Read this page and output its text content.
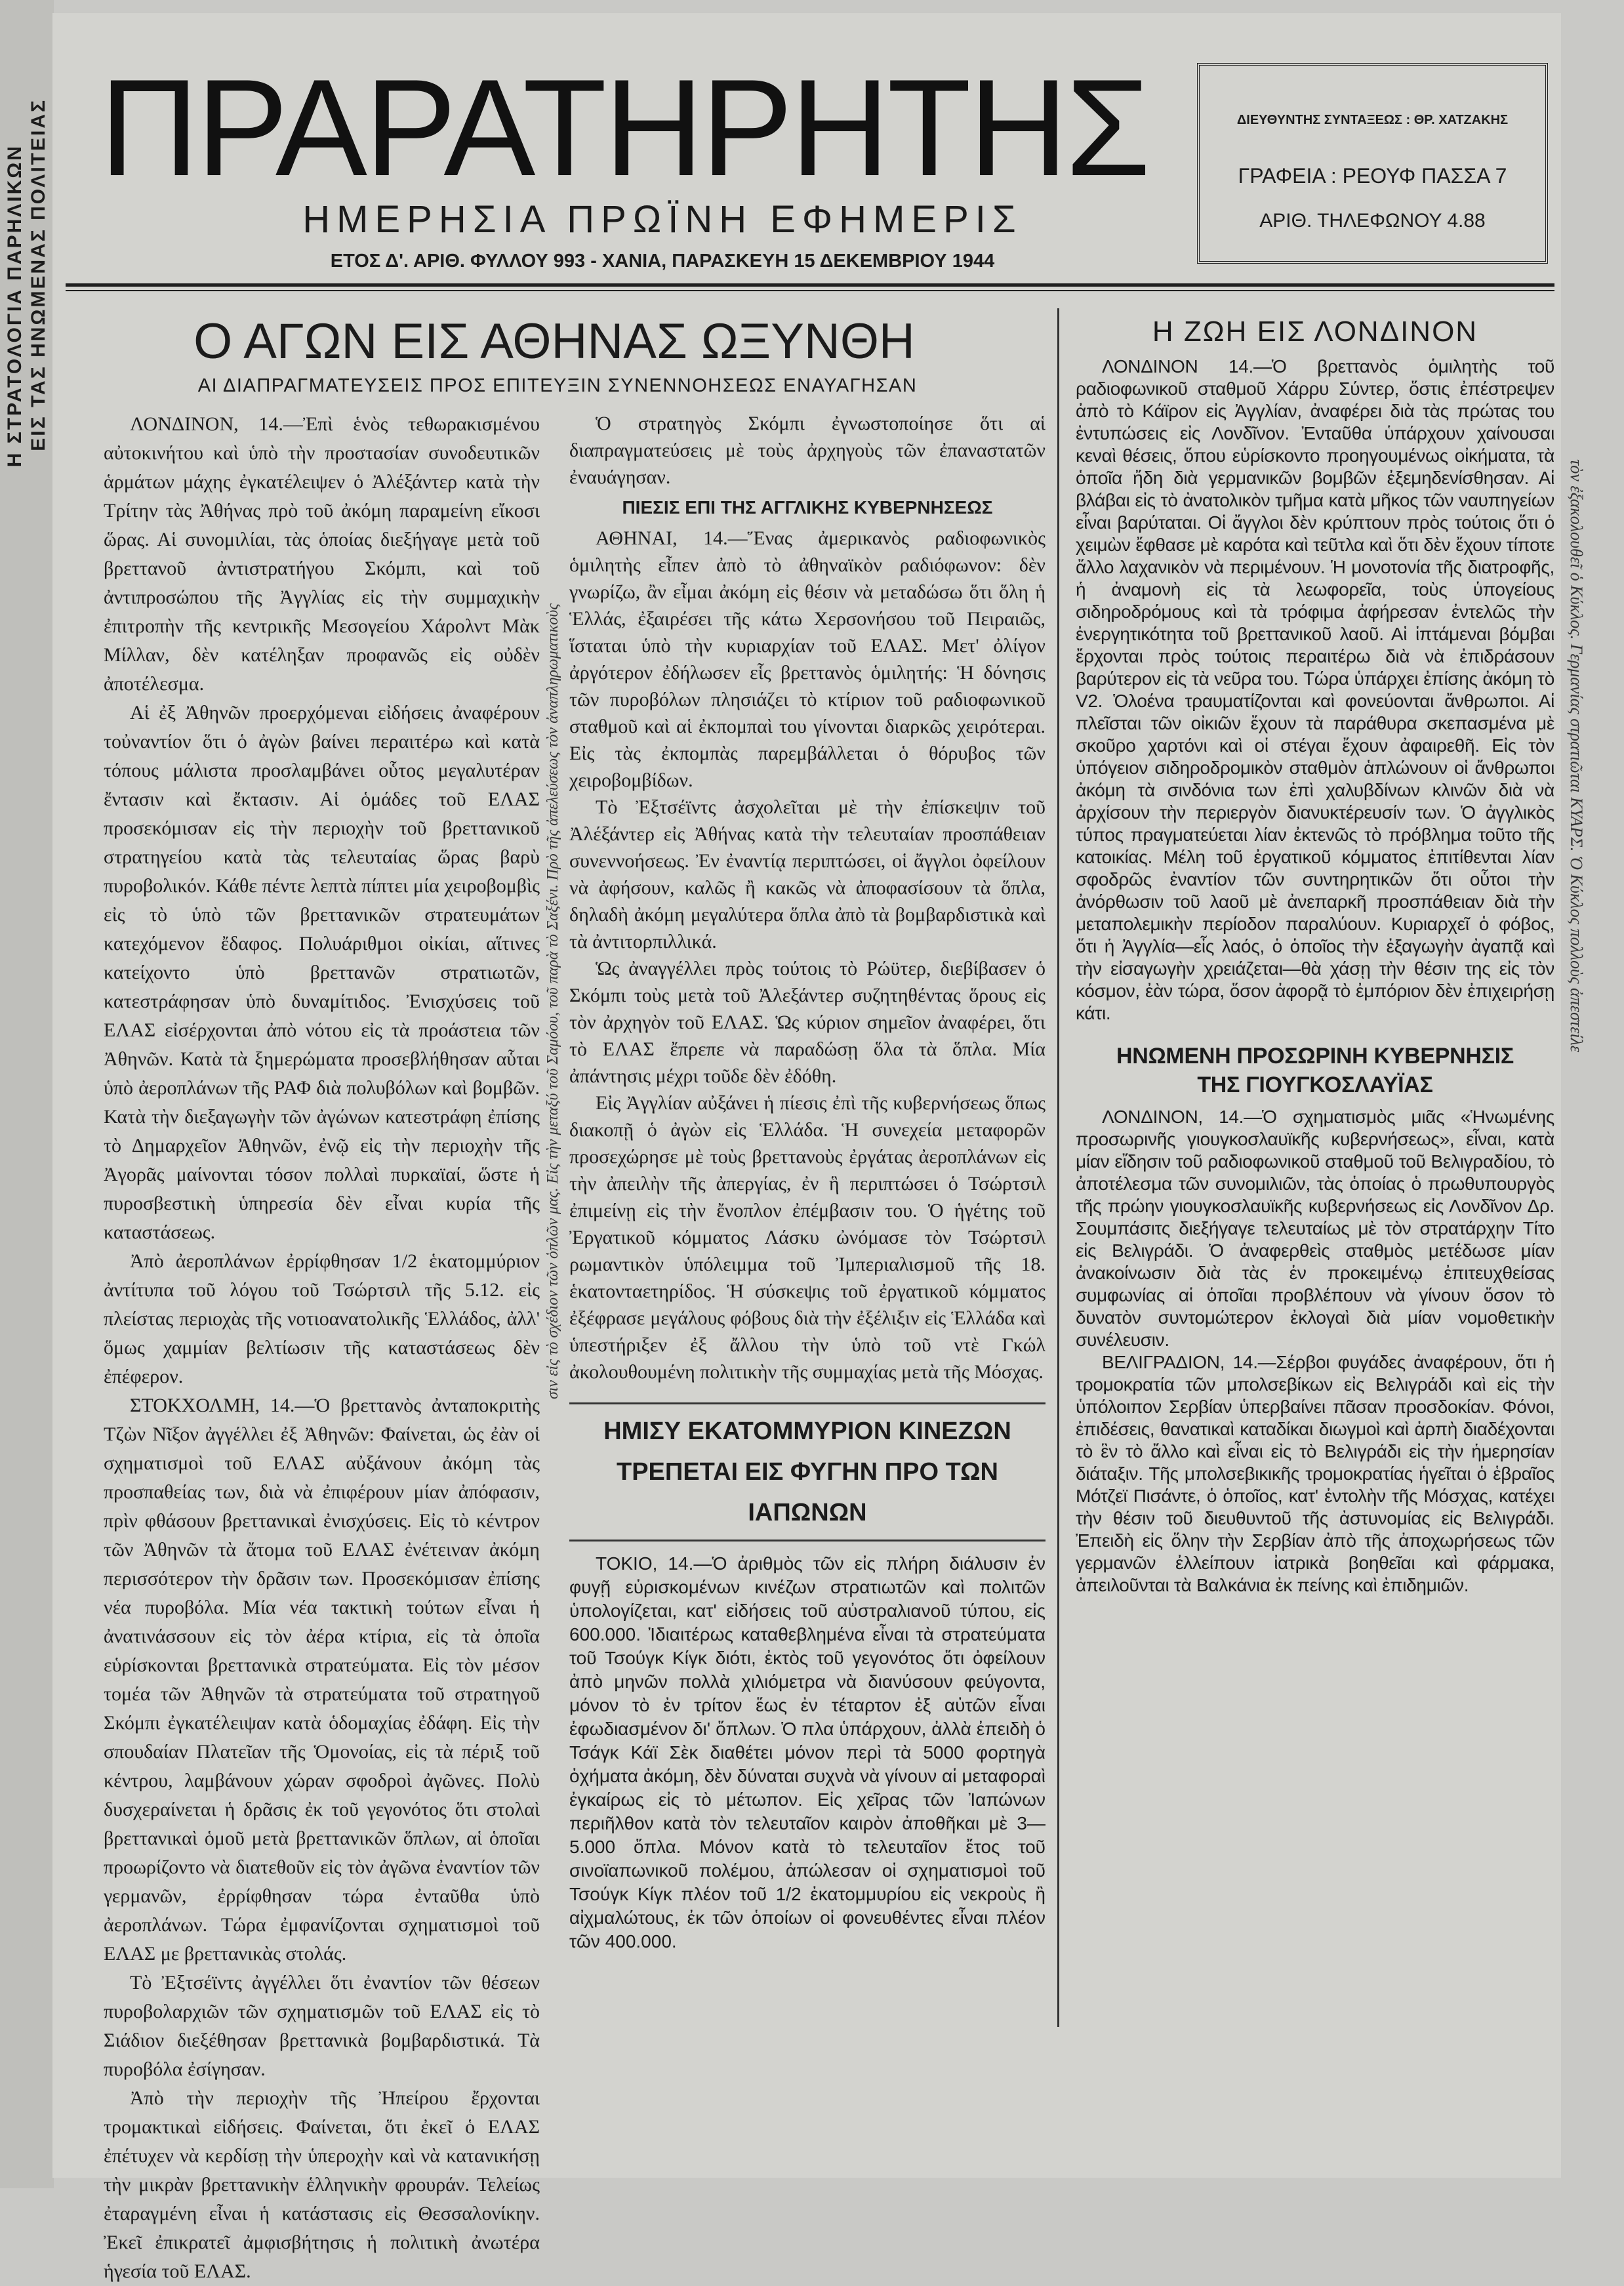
Η ΣΤΡΑΤΟΛΟΓΙΑ ΠΑΡΗΛΙΚΩΝ ΕΙΣ ΤΑΣ ΗΝΩΜΕΝΑΣ ΠΟΛΙΤΕΙΑΣ
τὸν ἐξακολουθεῖ ὁ Κύκλος. Γερμανίας στρατιῶται ΚΥΑΡΣ. Ὁ Κύκλος πολλοὺς ἀπεστείλε
σιν εἰς τὸ σχέδιον τῶν ὁπλῶν μας. Εἰς τὴν μεταξύ τοῦ Σαμόου, τοῦ παρὰ τὸ Σαξένι. Πρὸ τῆς ἀπελεύσεως τὸν ἀναπληρωματικοὺς
ΠΡΑΡΑΤΗΡΗΤΗΣ
ΗΜΕΡΗΣΙΑ ΠΡΩΪΝΗ ΕΦΗΜΕΡΙΣ
ΕΤΟΣ Δ'. ΑΡΙΘ. ΦΥΛΛΟΥ 993 - ΧΑΝΙΑ, ΠΑΡΑΣΚΕΥΗ 15 ΔΕΚΕΜΒΡΙΟΥ 1944
ΔΙΕΥΘΥΝΤΗΣ ΣΥΝΤΑΞΕΩΣ : ΘΡ. ΧΑΤΖΑΚΗΣ
ΓΡΑΦΕΙΑ : ΡΕΟΥΦ ΠΑΣΣΑ 7
ΑΡΙΘ. ΤΗΛΕΦΩΝΟΥ 4.88
Ο ΑΓΩΝ ΕΙΣ ΑΘΗΝΑΣ ΩΞΥΝΘΗ
ΑΙ ΔΙΑΠΡΑΓΜΑΤΕΥΣΕΙΣ ΠΡΟΣ ΕΠΙΤΕΥΞΙΝ ΣΥΝΕΝΝΟΗΣΕΩΣ ΕΝΑΥΑΓΗΣΑΝ

ΛΟΝΔΙΝΟΝ, 14.—Ἐπὶ ἑνὸς τεθωρακισμένου αὐτοκινήτου καὶ ὑπὸ τὴν προστασίαν συνοδευτικῶν ἁρμάτων μάχης ἐγκατέλειψεν ὁ Ἀλέξάντερ κατὰ τὴν Τρίτην τὰς Ἀθήνας πρὸ τοῦ ἀκόμη παραμείνη εἴκοσι ὥρας. Αἱ συνομιλίαι, τὰς ὁποίας διεξήγαγε μετὰ τοῦ βρεττανοῦ ἀντιστρατήγου Σκόμπι, καὶ τοῦ ἀντιπροσώπου τῆς Ἀγγλίας εἰς τὴν συμμαχικὴν ἐπιτροπὴν τῆς κεντρικῆς Μεσογείου Χάρολντ Μὰκ Μίλλαν, δὲν κατέληξαν προφανῶς εἰς οὐδὲν ἀποτέλεσμα.

Αἱ ἐξ Ἀθηνῶν προερχόμεναι εἰδήσεις ἀναφέρουν τοὐναντίον ὅτι ὁ ἀγὼν βαίνει περαιτέρω καὶ κατὰ τόπους μάλιστα προσλαμβάνει οὗτος μεγαλυτέραν ἔντασιν καὶ ἔκτασιν. Αἱ ὁμάδες τοῦ ΕΛΑΣ προσεκόμισαν εἰς τὴν περιοχὴν τοῦ βρεττανικοῦ στρατηγείου κατὰ τὰς τελευταίας ὥρας βαρὺ πυροβολικόν. Κάθε πέντε λεπτὰ πίπτει μία χειροβομβὶς εἰς τὸ ὑπὸ τῶν βρεττανικῶν στρατευμάτων κατεχόμενον ἔδαφος. Πολυάριθμοι οἰκίαι, αἵτινες κατείχοντο ὑπὸ βρεττανῶν στρατιωτῶν, κατεστράφησαν ὑπὸ δυναμίτιδος. Ἐνισχύσεις τοῦ ΕΛΑΣ εἰσέρχονται ἀπὸ νότου εἰς τὰ προάστεια τῶν Ἀθηνῶν. Κατὰ τὰ ξημερώματα προσεβλήθησαν αὗται ὑπὸ ἀεροπλάνων τῆς ΡΑΦ διὰ πολυβόλων καὶ βομβῶν. Κατὰ τὴν διεξαγωγὴν τῶν ἀγώνων κατεστράφη ἐπίσης τὸ Δημαρχεῖον Ἀθηνῶν, ἐνῷ εἰς τὴν περιοχὴν τῆς Ἀγορᾶς μαίνονται τόσον πολλαὶ πυρκαϊαί, ὥστε ἡ πυροσβεστικὴ ὑπηρεσία δὲν εἶναι κυρία τῆς καταστάσεως.

Ἀπὸ ἀεροπλάνων ἐρρίφθησαν 1/2 ἑκατομμύριον ἀντίτυπα τοῦ λόγου τοῦ Τσώρτσιλ τῆς 5.12. εἰς πλείστας περιοχὰς τῆς νοτιοανατολικῆς Ἑλλάδος, ἀλλ' ὅμως χαμμίαν βελτίωσιν τῆς καταστάσεως δὲν ἐπέφερον.

ΣΤΟΚΧΟΛΜΗ, 14.—Ὁ βρεττανὸς ἀνταποκριτὴς Τζὼν Νῖξον ἀγγέλλει ἐξ Ἀθηνῶν: Φαίνεται, ὡς ἐὰν οἱ σχηματισμοὶ τοῦ ΕΛΑΣ αὐξάνουν ἀκόμη τὰς προσπαθείας των, διὰ νὰ ἐπιφέρουν μίαν ἀπόφασιν, πρὶν φθάσουν βρεττανικαὶ ἐνισχύσεις. Εἰς τὸ κέντρον τῶν Ἀθηνῶν τὰ ἄτομα τοῦ ΕΛΑΣ ἐνέτειναν ἀκόμη περισσότερον τὴν δρᾶσιν των. Προσεκόμισαν ἐπίσης νέα πυροβόλα. Μία νέα τακτικὴ τούτων εἶναι ἡ ἀνατινάσσουν εἰς τὸν ἀέρα κτίρια, εἰς τὰ ὁποῖα εὑρίσκονται βρεττανικὰ στρατεύματα. Εἰς τὸν μέσον τομέα τῶν Ἀθηνῶν τὰ στρατεύματα τοῦ στρατηγοῦ Σκόμπι ἐγκατέλειψαν κατὰ ὁδομαχίας ἐδάφη. Εἰς τὴν σπουδαίαν Πλατεῖαν τῆς Ὁμονοίας, εἰς τὰ πέριξ τοῦ κέντρου, λαμβάνουν χώραν σφοδροὶ ἀγῶνες. Πολὺ δυσχεραίνεται ἡ δρᾶσις ἐκ τοῦ γεγονότος ὅτι στολαὶ βρεττανικαὶ ὁμοῦ μετὰ βρεττανικῶν ὅπλων, αἱ ὁποῖαι προωρίζοντο νὰ διατεθοῦν εἰς τὸν ἀγῶνα ἐναντίον τῶν γερμανῶν, ἐρρίφθησαν τώρα ἐνταῦθα ὑπὸ ἀεροπλάνων. Τώρα ἐμφανίζονται σχηματισμοὶ τοῦ ΕΛΑΣ με βρεττανικὰς στολάς.

Τὸ Ἐξτσέϊντς ἀγγέλλει ὅτι ἐναντίον τῶν θέσεων πυροβολαρχιῶν τῶν σχηματισμῶν τοῦ ΕΛΑΣ εἰς τὸ Σιάδιον διεξέθησαν βρεττανικὰ βομβαρδιστικά. Τὰ πυροβόλα ἐσίγησαν.

Ἀπὸ τὴν περιοχὴν τῆς Ἠπείρου ἔρχονται τρομακτικαὶ εἰδήσεις. Φαίνεται, ὅτι ἐκεῖ ὁ ΕΛΑΣ ἐπέτυχεν νὰ κερδίσῃ τὴν ὑπεροχὴν καὶ νὰ κατανικήσῃ τὴν μικρὰν βρεττανικὴν ἑλληνικὴν φρουράν. Τελείως ἐταραγμένη εἶναι ἡ κατάστασις εἰς Θεσσαλονίκην. Ἐκεῖ ἐπικρατεῖ ἀμφισβήτησις ἡ πολιτικὴ ἀνωτέρα ἡγεσία τοῦ ΕΛΑΣ.

Ὁ στρατηγὸς Σκόμπι ἐγνωστοποίησε ὅτι αἱ διαπραγματεύσεις μὲ τοὺς ἀρχηγοὺς τῶν ἐπαναστατῶν ἐναυάγησαν.

ΠΙΕΣΙΣ ΕΠΙ ΤΗΣ ΑΓΓΛΙΚΗΣ ΚΥΒΕΡΝΗΣΕΩΣ

ΑΘΗΝΑΙ, 14.—Ἕνας ἀμερικανὸς ραδιοφωνικὸς ὁμιλητὴς εἶπεν ἀπὸ τὸ ἀθηναϊκὸν ραδιόφωνον: δὲν γνωρίζω, ἂν εἶμαι ἀκόμη εἰς θέσιν νὰ μεταδώσω ὅτι ὅλη ἡ Ἑλλάς, ἐξαιρέσει τῆς κάτω Χερσονήσου τοῦ Πειραιῶς, ἵσταται ὑπὸ τὴν κυριαρχίαν τοῦ ΕΛΑΣ. Μετ' ὀλίγον ἀργότερον ἐδήλωσεν εἷς βρεττανὸς ὁμιλητής: Ἡ δόνησις τῶν πυροβόλων πλησιάζει τὸ κτίριον τοῦ ραδιοφωνικοῦ σταθμοῦ καὶ αἱ ἐκπομπαὶ του γίνονται διαρκῶς χειρότεραι. Εἰς τὰς ἐκπομπὰς παρεμβάλλεται ὁ θόρυβος τῶν χειροβομβίδων.

Τὸ Ἐξτσέϊντς ἀσχολεῖται μὲ τὴν ἐπίσκεψιν τοῦ Ἀλέξάντερ εἰς Ἀθήνας κατὰ τὴν τελευταίαν προσπάθειαν συνεννοήσεως. Ἐν ἐναντίᾳ περιπτώσει, οἱ ἄγγλοι ὀφείλουν νὰ ἀφήσουν, καλῶς ἢ κακῶς νὰ ἀποφασίσουν τὰ ὅπλα, δηλαδὴ ἀκόμη μεγαλύτερα ὅπλα ἀπὸ τὰ βομβαρδιστικὰ καὶ τὰ ἀντιτορπιλλικά.

Ὡς ἀναγγέλλει πρὸς τούτοις τὸ Ρώϋτερ, διεβίβασεν ὁ Σκόμπι τοὺς μετὰ τοῦ Ἀλεξάντερ συζητηθέντας ὅρους εἰς τὸν ἀρχηγὸν τοῦ ΕΛΑΣ. Ὡς κύριον σημεῖον ἀναφέρει, ὅτι τὸ ΕΛΑΣ ἔπρεπε νὰ παραδώσῃ ὅλα τὰ ὅπλα. Μία ἀπάντησις μέχρι τοῦδε δὲν ἐδόθη.

Εἰς Ἀγγλίαν αὐξάνει ἡ πίεσις ἐπὶ τῆς κυβερνήσεως ὅπως διακοπῇ ὁ ἀγὼν εἰς Ἑλλάδα. Ἡ συνεχεία μεταφορῶν προσεχώρησε μὲ τοὺς βρεττανοὺς ἐργάτας ἀεροπλάνων εἰς τὴν ἀπειλὴν τῆς ἀπεργίας, ἐν ἣ περιπτώσει ὁ Τσώρτσιλ ἐπιμείνῃ εἰς τὴν ἔνοπλον ἐπέμβασιν του. Ὁ ἡγέτης τοῦ Ἐργατικοῦ κόμματος Λάσκυ ὠνόμασε τὸν Τσώρτσιλ ρωμαντικὸν ὑπόλειμμα τοῦ Ἰμπεριαλισμοῦ τῆς 18. ἑκατονταετηρίδος. Ἡ σύσκεψις τοῦ ἐργατικοῦ κόμματος ἐξέφρασε μεγάλους φόβους διὰ τὴν ἐξέλιξιν εἰς Ἑλλάδα καὶ ὑπεστήριξεν ἐξ ἄλλου τὴν ὑπὸ τοῦ ντὲ Γκώλ ἀκολουθουμένη πολιτικὴν τῆς συμμαχίας μετὰ τῆς Μόσχας.

ΗΜΙΣΥ ΕΚΑΤΟΜΜΥΡΙΟΝ ΚΙΝΕΖΩΝ
ΤΡΕΠΕΤΑΙ ΕΙΣ ΦΥΓΗΝ ΠΡΟ ΤΩΝ ΙΑΠΩΝΩΝ

ΤΟΚΙΟ, 14.—Ὁ ἀριθμὸς τῶν εἰς πλήρη διάλυσιν ἐν φυγῇ εὑρισκομένων κινέζων στρατιωτῶν καὶ πολιτῶν ὑπολογίζεται, κατ' εἰδήσεις τοῦ αὐστραλιανοῦ τύπου, εἰς 600.000. Ἰδιαιτέρως καταθεβλημένα εἶναι τὰ στρατεύματα τοῦ Τσούγκ Κίγκ διότι, ἐκτὸς τοῦ γεγονότος ὅτι ὀφείλουν ἀπὸ μηνῶν πολλὰ χιλιόμετρα νὰ διανύσουν φεύγοντα, μόνον τὸ ἐν τρίτον ἕως ἐν τέταρτον ἐξ αὐτῶν εἶναι ἐφωδιασμένον δι' ὅπλων. Ὁ πλα ὑπάρχουν, ἀλλὰ ἐπειδὴ ὁ Τσάγκ Κάϊ Σὲκ διαθέτει μόνον περὶ τὰ 5000 φορτηγὰ ὀχήματα ἀκόμη, δὲν δύναται συχνὰ νὰ γίνουν αἱ μεταφοραὶ ἐγκαίρως εἰς τὸ μέτωπον. Εἰς χεῖρας τῶν Ἰαπώνων περιῆλθον κατὰ τὸν τελευταῖον καιρὸν ἀποθῆκαι μὲ 3—5.000 ὅπλα. Μόνον κατὰ τὸ τελευταῖον ἔτος τοῦ σινοϊαπωνικοῦ πολέμου, ἀπώλεσαν οἱ σχηματισμοὶ τοῦ Τσούγκ Κίγκ πλέον τοῦ 1/2 ἑκατομμυρίου εἰς νεκροὺς ἢ αἰχμαλώτους, ἐκ τῶν ὁποίων οἱ φονευθέντες εἶναι πλέον τῶν 400.000.

Η ΖΩΗ ΕΙΣ ΛΟΝΔΙΝΟΝ

ΛΟΝΔΙΝΟΝ 14.—Ὁ βρεττανὸς ὁμιλητὴς τοῦ ραδιοφωνικοῦ σταθμοῦ Χάρρυ Σύντερ, ὅστις ἐπέστρεψεν ἀπὸ τὸ Κάϊρον εἰς Ἀγγλίαν, ἀναφέρει διὰ τὰς πρώτας του ἐντυπώσεις εἰς Λονδῖνον. Ἐνταῦθα ὑπάρχουν χαίνουσαι κεναὶ θέσεις, ὅπου εὑρίσκοντο προηγουμένως οἰκήματα, τὰ ὁποῖα ἤδη διὰ γερμανικῶν βομβῶν ἐξεμηδενίσθησαν. Αἱ βλάβαι εἰς τὸ ἀνατολικὸν τμῆμα κατὰ μῆκος τῶν ναυπηγείων εἶναι βαρύταται. Οἱ ἄγγλοι δὲν κρύπτουν πρὸς τούτοις ὅτι ὁ χειμὼν ἔφθασε μὲ καρότα καὶ τεῦτλα καὶ ὅτι δὲν ἔχουν τίποτε ἄλλο λαχανικὸν νὰ περιμένουν. Ἡ μονοτονία τῆς διατροφῆς, ἡ ἀναμονὴ εἰς τὰ λεωφορεῖα, τοὺς ὑπογείους σιδηροδρόμους καὶ τὰ τρόφιμα ἀφήρεσαν ἐντελῶς τὴν ἐνεργητικότητα τοῦ βρεττανικοῦ λαοῦ. Αἱ ἱπτάμεναι βόμβαι ἔρχονται πρὸς τούτοις περαιτέρω διὰ νὰ ἐπιδράσουν βαρύτερον εἰς τὰ νεῦρα του. Τώρα ὑπάρχει ἐπίσης ἀκόμη τὸ V2. Ὁλοένα τραυματίζονται καὶ φονεύονται ἄνθρωποι. Αἱ πλεῖσται τῶν οἰκιῶν ἔχουν τὰ παράθυρα σκεπασμένα μὲ σκοῦρο χαρτόνι καὶ οἱ στέγαι ἔχουν ἀφαιρεθῆ. Εἰς τὸν ὑπόγειον σιδηροδρομικὸν σταθμὸν ἁπλώνουν οἱ ἄνθρωποι ἀκόμη τὰ σινδόνια των ἐπὶ χαλυβδίνων κλινῶν διὰ νὰ ἀρχίσουν τὴν περιεργὸν διανυκτέρευσίν των. Ὁ ἀγγλικὸς τύπος πραγματεύεται λίαν ἐκτενῶς τὸ πρόβλημα τοῦτο τῆς κατοικίας. Μέλη τοῦ ἐργατικοῦ κόμματος ἐπιτίθενται λίαν σφοδρῶς ἐναντίον τῶν συντηρητικῶν ὅτι οὗτοι τὴν ἀνόρθωσιν τοῦ λαοῦ μὲ ἀνεπαρκῆ προσπάθειαν διὰ τὴν μεταπολεμικὴν περίοδον παραλύουν. Κυριαρχεῖ ὁ φόβος, ὅτι ἡ Ἀγγλία—εἷς λαός, ὁ ὁποῖος τὴν ἐξαγωγὴν ἀγαπᾷ καὶ τὴν εἰσαγωγὴν χρειάζεται—θὰ χάσῃ τὴν θέσιν της εἰς τὸν κόσμον, ἐὰν τώρα, ὅσον ἀφορᾷ τὸ ἐμπόριον δὲν ἐπιχειρήσῃ κάτι.

ΗΝΩΜΕΝΗ ΠΡΟΣΩΡΙΝΗ ΚΥΒΕΡΝΗΣΙΣ
ΤΗΣ ΓΙΟΥΓΚΟΣΛΑΥΪΑΣ

ΛΟΝΔΙΝΟΝ, 14.—Ὁ σχηματισμὸς μιᾶς «Ἡνωμένης προσωρινῆς γιουγκοσλαυϊκῆς κυβερνήσεως», εἶναι, κατὰ μίαν εἴδησιν τοῦ ραδιοφωνικοῦ σταθμοῦ τοῦ Βελιγραδίου, τὸ ἀποτέλεσμα τῶν συνομιλιῶν, τὰς ὁποίας ὁ πρωθυπουργὸς τῆς πρώην γιουγκοσλαυϊκῆς κυβερνήσεως εἰς Λονδῖνον Δρ. Σουμπάσιτς διεξήγαγε τελευταίως μὲ τὸν στρατάρχην Τίτο εἰς Βελιγράδι. Ὁ ἀναφερθεὶς σταθμὸς μετέδωσε μίαν ἀνακοίνωσιν διὰ τὰς ἐν προκειμένῳ ἐπιτευχθείσας συμφωνίας αἱ ὁποῖαι προβλέπουν νὰ γίνουν ὅσον τὸ δυνατὸν συντομώτερον ἐκλογαὶ διὰ μίαν νομοθετικὴν συνέλευσιν.

ΒΕΛΙΓΡΑΔΙΟΝ, 14.—Σέρβοι φυγάδες ἀναφέρουν, ὅτι ἡ τρομοκρατία τῶν μπολσεβίκων εἰς Βελιγράδι καὶ εἰς τὴν ὑπόλοιπον Σερβίαν ὑπερβαίνει πᾶσαν προσδοκίαν. Φόνοι, ἐπιδέσεις, θανατικαὶ καταδίκαι διωγμοὶ καὶ ἁρπὴ διαδέχονται τὸ ἓν τὸ ἄλλο καὶ εἶναι εἰς τὸ Βελιγράδι εἰς τὴν ἡμερησίαν διάταξιν. Τῆς μπολσεβικικῆς τρομοκρατίας ἡγεῖται ὁ ἑβραῖος Μότζεϊ Πισάντε, ὁ ὁποῖος, κατ' ἐντολὴν τῆς Μόσχας, κατέχει τὴν θέσιν τοῦ διευθυντοῦ τῆς ἀστυνομίας εἰς Βελιγράδι. Ἐπειδὴ εἰς ὅλην τὴν Σερβίαν ἀπὸ τῆς ἀποχωρήσεως τῶν γερμανῶν ἐλλείπουν ἰατρικὰ βοηθεῖαι καὶ φάρμακα, ἀπειλοῦνται τὰ Βαλκάνια ἐκ πείνης καὶ ἐπιδημιῶν.
